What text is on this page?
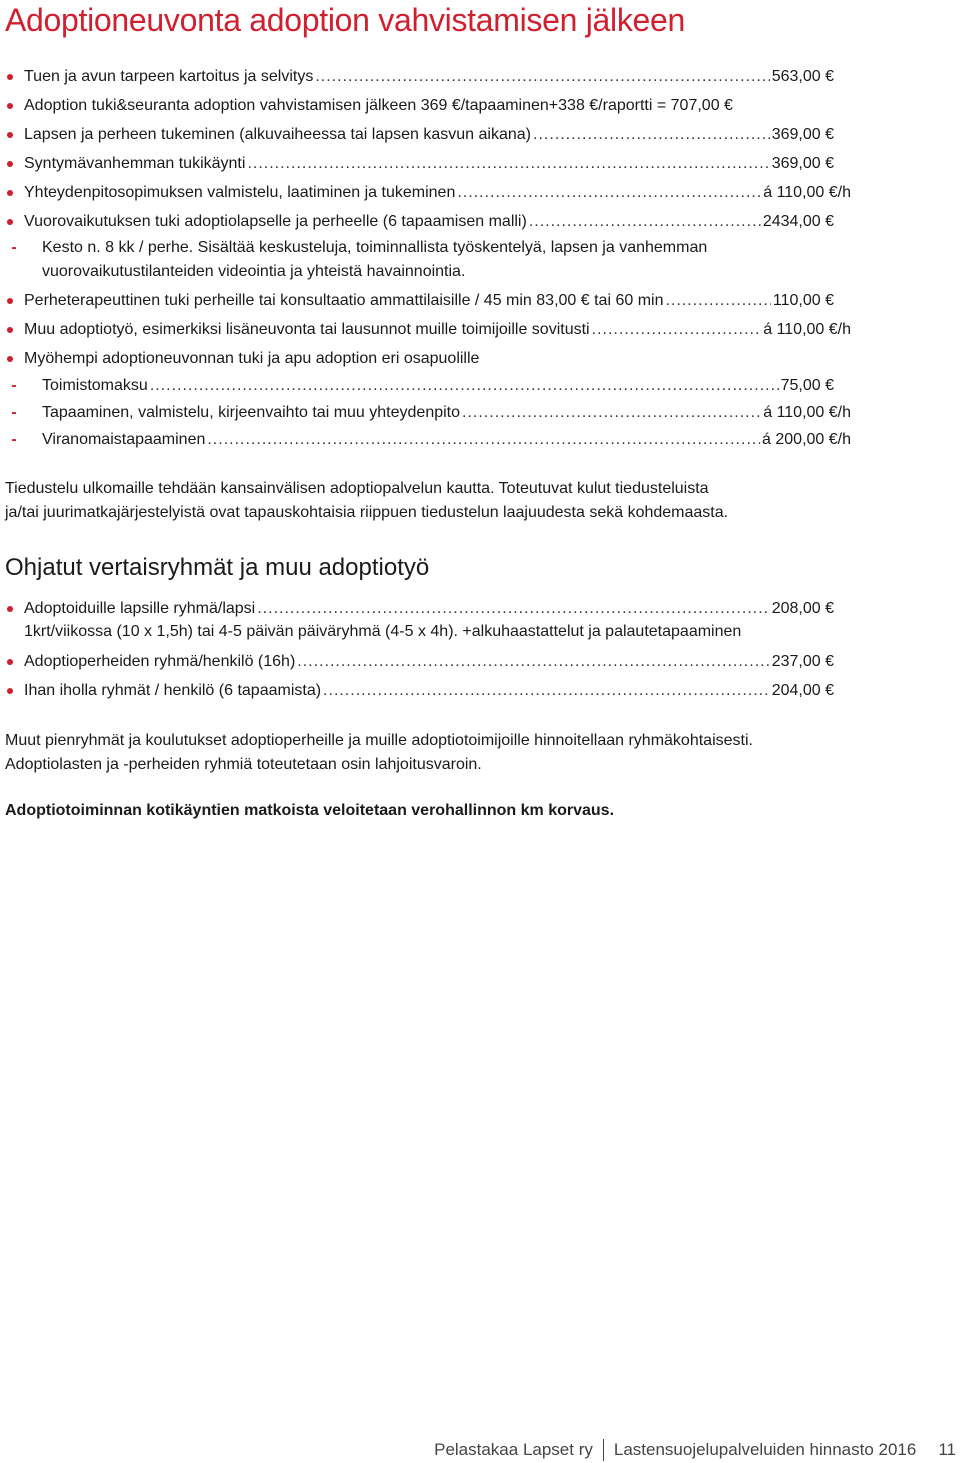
Adoptioneuvonta adoption vahvistamisen jälkeen
Tuen ja avun tarpeen kartoitus ja selvitys .....	563,00 €
Adoption tuki&seuranta adoption vahvistamisen jälkeen 369 €/tapaaminen+338 €/raportti = 707,00 €
Lapsen ja perheen tukeminen (alkuvaiheessa tai lapsen kasvun aikana) .....	369,00 €
Syntymävanhemman tukikäynti .....	369,00 €
Yhteydenpitosopimuksen valmistelu, laatiminen ja tukeminen .....	á 110,00 €/h
Vuorovaikutuksen tuki adoptiolapselle ja perheelle (6 tapaamisen malli) .....	2434,00 €
- Kesto n. 8 kk / perhe. Sisältää keskusteluja, toiminnallista työskentelyä, lapsen ja vanhemman
vuorovaikutustilanteiden videointia ja yhteistä havainnointia.
Perheterapeuttinen tuki perheille tai konsultaatio ammattilaisille / 45 min 83,00 € tai 60 min .....	110,00 €
Muu adoptiotyö, esimerkiksi lisäneuvonta tai lausunnot muille toimijoille sovitusti .....	á 110,00 €/h
Myöhempi adoptioneuvonnan tuki ja apu adoption eri osapuolille
- Toimistomaksu .....	75,00 €
- Tapaaminen, valmistelu, kirjeenvaihto tai muu yhteydenpito .....	á 110,00 €/h
- Viranomaistapaaminen .....	á 200,00 €/h

Tiedustelu ulkomaille tehdään kansainvälisen adoptiopalvelun kautta. Toteutuvat kulut tiedusteluista
ja/tai juurimatkajärjestelyistä ovat tapauskohtaisia riippuen tiedustelun laajuudesta sekä kohdemaasta.

Ohjatut vertaisryhmät ja muu adoptiotyö
Adoptoiduille lapsille ryhmä/lapsi .....	208,00 €
1krt/viikossa (10 x 1,5h) tai 4-5 päivän päiväryhmä (4-5 x 4h). +alkuhaastattelut ja palautetapaaminen
Adoptioperheiden ryhmä/henkilö (16h) .....	237,00 €
Ihan iholla ryhmät / henkilö (6 tapaamista) .....	204,00 €

Muut pienryhmät ja koulutukset adoptioperheille ja muille adoptiotoimijoille hinnoitellaan ryhmäkohtaisesti.
Adoptiolasten ja -perheiden ryhmiä toteutetaan osin lahjoitusvaroin.

Adoptiotoiminnan kotikäyntien matkoista veloitetaan verohallinnon km korvaus.

Pelastakaa Lapset ry Lastensuojelupalveluiden hinnasto 2016 11
